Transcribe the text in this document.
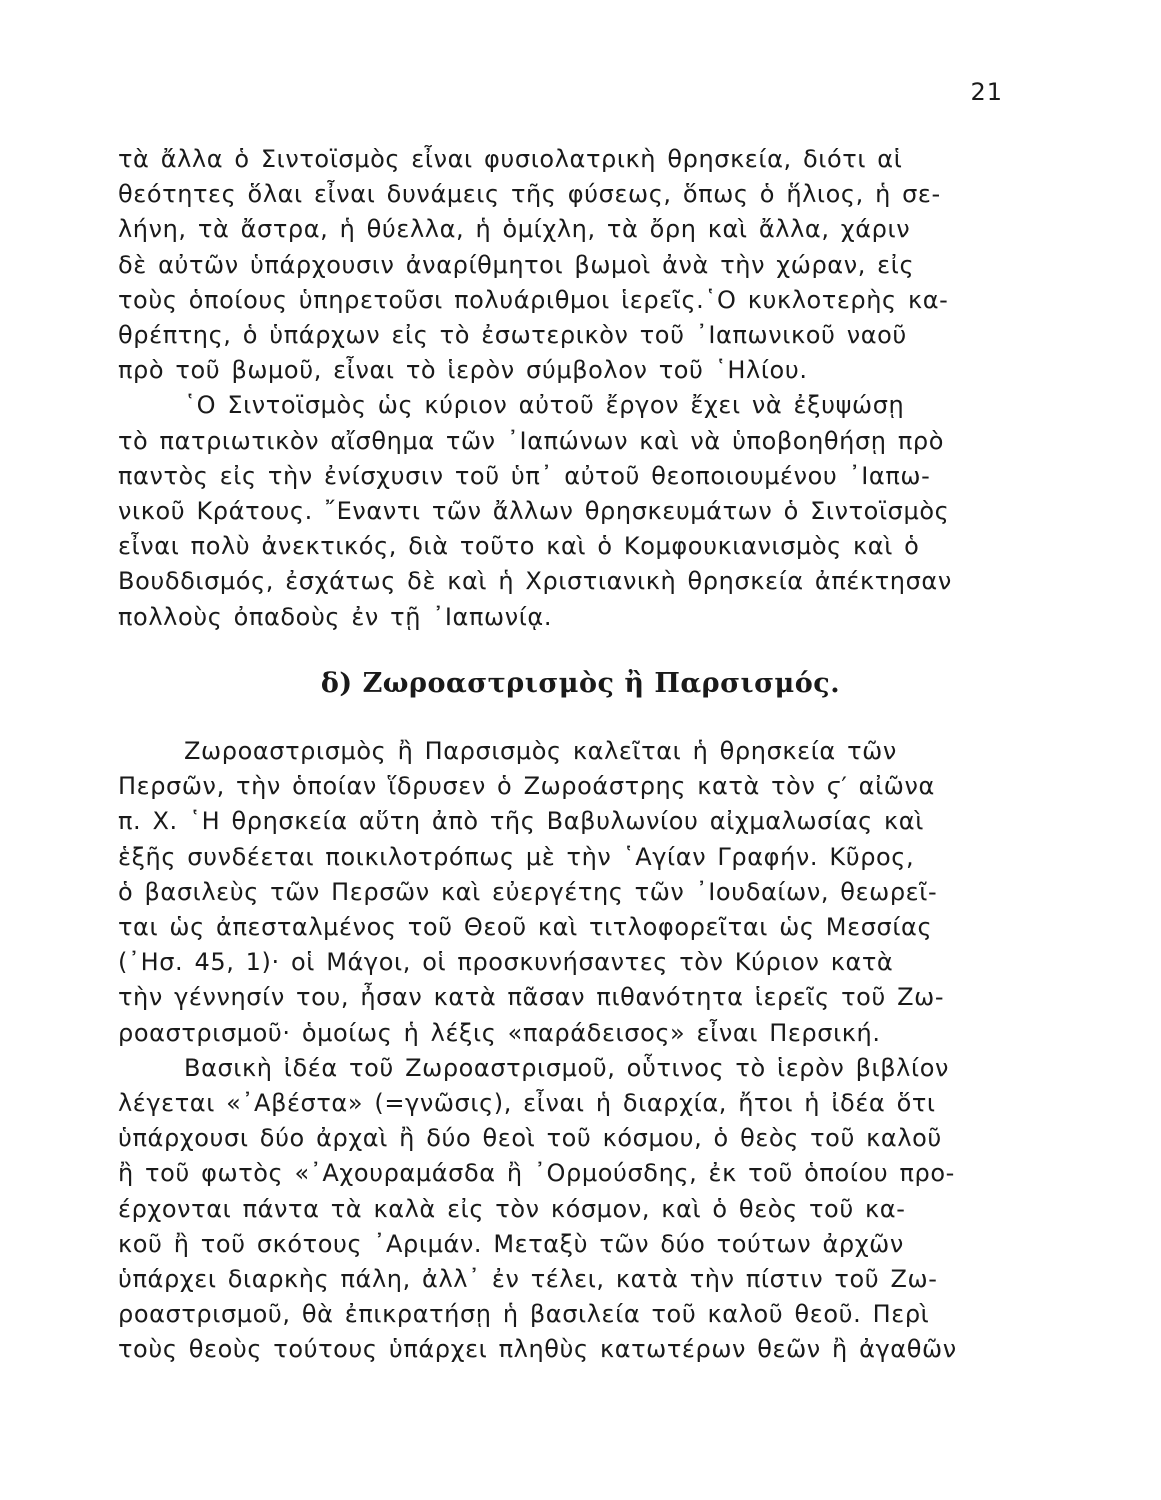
21
τὰ ἄλλα ὁ Σιντοϊσμὸς εἶναι φυσιολατρικὴ θρησκεία, διότι αἱ
θεότητες ὅλαι εἶναι δυνάμεις τῆς φύσεως, ὅπως ὁ ἥλιος, ἡ σε-
λήνη, τὰ ἄστρα, ἡ θύελλα, ἡ ὁμίχλη, τὰ ὄρη καὶ ἄλλα, χάριν
δὲ αὐτῶν ὑπάρχουσιν ἀναρίθμητοι βωμοὶ ἀνὰ τὴν χώραν, εἰς
τοὺς ὁποίους ὑπηρετοῦσι πολυάριθμοι ἱερεῖς.῾Ο κυκλοτερὴς κα-
θρέπτης, ὁ ὑπάρχων εἰς τὸ ἐσωτερικὸν τοῦ ᾿Ιαπωνικοῦ ναοῦ
πρὸ τοῦ βωμοῦ, εἶναι τὸ ἱερὸν σύμβολον τοῦ ῾Ηλίου.
῾Ο Σιντοϊσμὸς ὡς κύριον αὐτοῦ ἔργον ἔχει νὰ ἐξυψώσῃ
τὸ πατριωτικὸν αἴσθημα τῶν ᾿Ιαπώνων καὶ νὰ ὑποβοηθήσῃ πρὸ
παντὸς εἰς τὴν ἐνίσχυσιν τοῦ ὑπ᾿ αὐτοῦ θεοποιουμένου ᾿Ιαπω-
νικοῦ Κράτους. ῎Εναντι τῶν ἄλλων θρησκευμάτων ὁ Σιντοϊσμὸς
εἶναι πολὺ ἀνεκτικός, διὰ τοῦτο καὶ ὁ Κομφουκιανισμὸς καὶ ὁ
Βουδδισμός, ἐσχάτως δὲ καὶ ἡ Χριστιανικὴ θρησκεία ἀπέκτησαν
πολλοὺς ὀπαδοὺς ἐν τῇ ᾿Ιαπωνίᾳ.
δ) Ζωροαστρισμὸς ἢ Παρσισμός.
Ζωροαστρισμὸς ἢ Παρσισμὸς καλεῖται ἡ θρησκεία τῶν
Περσῶν, τὴν ὁποίαν ἵδρυσεν ὁ Ζωροάστρης κατὰ τὸν ϛ′ αἰῶνα
π. Χ. ῾Η θρησκεία αὕτη ἀπὸ τῆς Βαβυλωνίου αἰχμαλωσίας καὶ
ἑξῆς συνδέεται ποικιλοτρόπως μὲ τὴν ῾Αγίαν Γραφήν. Κῦρος,
ὁ βασιλεὺς τῶν Περσῶν καὶ εὐεργέτης τῶν ᾿Ιουδαίων, θεωρεῖ-
ται ὡς ἀπεσταλμένος τοῦ Θεοῦ καὶ τιτλοφορεῖται ὡς Μεσσίας
(᾿Ησ. 45, 1)· οἱ Μάγοι, οἱ προσκυνήσαντες τὸν Κύριον κατὰ
τὴν γέννησίν του, ἦσαν κατὰ πᾶσαν πιθανότητα ἱερεῖς τοῦ Ζω-
ροαστρισμοῦ· ὁμοίως ἡ λέξις «παράδεισος» εἶναι Περσική.
Βασικὴ ἰδέα τοῦ Ζωροαστρισμοῦ, οὗτινος τὸ ἱερὸν βιβλίον
λέγεται «᾿Αβέστα» (=γνῶσις), εἶναι ἡ διαρχία, ἤτοι ἡ ἰδέα ὅτι
ὑπάρχουσι δύο ἀρχαὶ ἢ δύο θεοὶ τοῦ κόσμου, ὁ θεὸς τοῦ καλοῦ
ἢ τοῦ φωτὸς «᾿Αχουραμάσδα ἢ ᾿Ορμούσδης, ἐκ τοῦ ὁποίου προ-
έρχονται πάντα τὰ καλὰ εἰς τὸν κόσμον, καὶ ὁ θεὸς τοῦ κα-
κοῦ ἢ τοῦ σκότους ᾿Αριμάν. Μεταξὺ τῶν δύο τούτων ἀρχῶν
ὑπάρχει διαρκὴς πάλη, ἀλλ᾿ ἐν τέλει, κατὰ τὴν πίστιν τοῦ Ζω-
ροαστρισμοῦ, θὰ ἐπικρατήσῃ ἡ βασιλεία τοῦ καλοῦ θεοῦ. Περὶ
τοὺς θεοὺς τούτους ὑπάρχει πληθὺς κατωτέρων θεῶν ἢ ἀγαθῶν
